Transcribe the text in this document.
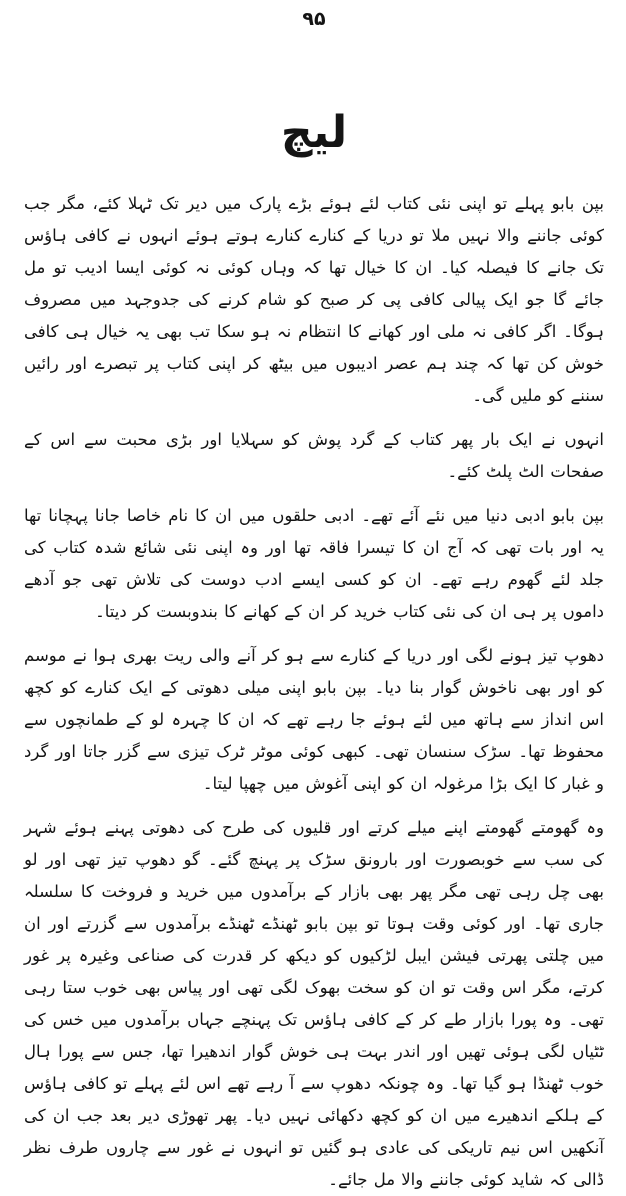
۹۵
لیچ

بپن بابو پہلے تو اپنی نئی کتاب لئے ہوئے بڑے پارک میں دیر تک ٹہلا کئے، مگر جب کوئی جاننے والا نہیں ملا تو دریا کے کنارے کنارے ہوتے ہوئے انہوں نے کافی ہاؤس تک جانے کا فیصلہ کیا۔ ان کا خیال تھا کہ وہاں کوئی نہ کوئی ایسا ادیب تو مل جائے گا جو ایک پیالی کافی پی کر صبح کو شام کرنے کی جدوجہد میں مصروف ہوگا۔ اگر کافی نہ ملی اور کھانے کا انتظام نہ ہو سکا تب بھی یہ خیال ہی کافی خوش کن تھا کہ چند ہم عصر ادیبوں میں بیٹھ کر اپنی کتاب پر تبصرے اور رائیں سننے کو ملیں گی۔

انہوں نے ایک بار پھر کتاب کے گرد پوش کو سہلایا اور بڑی محبت سے اس کے صفحات الٹ پلٹ کئے۔

بپن بابو ادبی دنیا میں نئے آئے تھے۔ ادبی حلقوں میں ان کا نام خاصا جانا پہچانا تھا یہ اور بات تھی کہ آج ان کا تیسرا فاقہ تھا اور وہ اپنی نئی شائع شدہ کتاب کی جلد لئے گھوم رہے تھے۔ ان کو کسی ایسے ادب دوست کی تلاش تھی جو آدھے داموں پر ہی ان کی نئی کتاب خرید کر ان کے کھانے کا بندوبست کر دیتا۔

دھوپ تیز ہونے لگی اور دریا کے کنارے سے ہو کر آنے والی ریت بھری ہوا نے موسم کو اور بھی ناخوش گوار بنا دیا۔ بپن بابو اپنی میلی دھوتی کے ایک کنارے کو کچھ اس انداز سے ہاتھ میں لئے ہوئے جا رہے تھے کہ ان کا چہرہ لو کے طمانچوں سے محفوظ تھا۔ سڑک سنسان تھی۔ کبھی کوئی موٹر ٹرک تیزی سے گزر جاتا اور گرد و غبار کا ایک بڑا مرغولہ ان کو اپنی آغوش میں چھپا لیتا۔

وہ گھومتے گھومتے اپنے میلے کرتے اور قلیوں کی طرح کی دھوتی پہنے ہوئے شہر کی سب سے خوبصورت اور بارونق سڑک پر پہنچ گئے۔ گو دھوپ تیز تھی اور لو بھی چل رہی تھی مگر پھر بھی بازار کے برآمدوں میں خرید و فروخت کا سلسلہ جاری تھا۔ اور کوئی وقت ہوتا تو بپن بابو ٹھنڈے ٹھنڈے برآمدوں سے گزرتے اور ان میں چلتی پھرتی فیشن ایبل لڑکیوں کو دیکھ کر قدرت کی صناعی وغیرہ پر غور کرتے، مگر اس وقت تو ان کو سخت بھوک لگی تھی اور پیاس بھی خوب ستا رہی تھی۔ وہ پورا بازار طے کر کے کافی ہاؤس تک پہنچے جہاں برآمدوں میں خس کی ٹٹیاں لگی ہوئی تھیں اور اندر بہت ہی خوش گوار اندھیرا تھا، جس سے پورا ہال خوب ٹھنڈا ہو گیا تھا۔ وہ چونکہ دھوپ سے آ رہے تھے اس لئے پہلے تو کافی ہاؤس کے ہلکے اندھیرے میں ان کو کچھ دکھائی نہیں دیا۔ پھر تھوڑی دیر بعد جب ان کی آنکھیں اس نیم تاریکی کی عادی ہو گئیں تو انہوں نے غور سے چاروں طرف نظر ڈالی کہ شاید کوئی جاننے والا مل جائے۔
